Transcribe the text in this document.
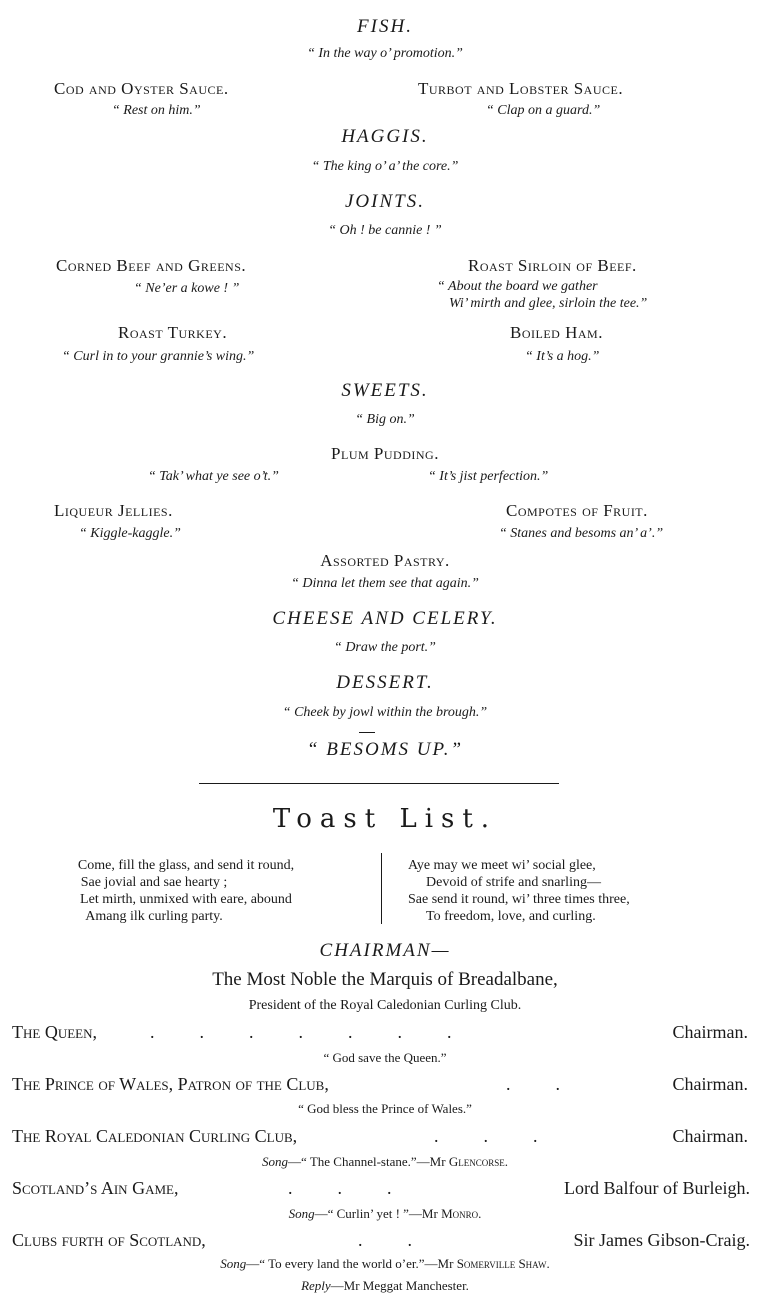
FISH.
“ In the way o’ promotion.”
Cod and Oyster Sauce.
“ Rest on him.”
Turbot and Lobster Sauce.
“ Clap on a guard.”
HAGGIS.
“ The king o’ a’ the core.”
JOINTS.
“ Oh ! be cannie ! ”
Corned Beef and Greens.
“ Ne’er a kowe ! ”
Roast Sirloin of Beef.
“ About the board we gather
Wi’ mirth and glee, sirloin the tee.”
Roast Turkey.
“ Curl in to your grannie’s wing.”
Boiled Ham.
“ It’s a hog.”
SWEETS.
“ Big on.”
Plum Pudding.
“ Tak’ what ye see o’t.”	“ It’s jist perfection.”
Liqueur Jellies.
“ Kiggle-kaggle.”
Compotes of Fruit.
“ Stanes and besoms an’ a’.”
Assorted Pastry.
“ Dinna let them see that again.”
CHEESE AND CELERY.
“ Draw the port.”
DESSERT.
“ Cheek by jowl within the brough.”
“ BESOMS UP.”
Toast List.
Come, fill the glass, and send it round,
Sae jovial and sae hearty ;
Let mirth, unmixed with eare, abound
Amang ilk curling party.
Aye may we meet wi’ social glee,
Devoid of strife and snarling—
Sae send it round, wi’ three times three,
To freedom, love, and curling.
CHAIRMAN—
The Most Noble the Marquis of Breadalbane,
President of the Royal Caledonian Curling Club.
The Queen,	.          .          .          .          .          .          .	Chairman.
“ God save the Queen.”
The Prince of Wales, Patron of the Club,	.          .	Chairman.
“ God bless the Prince of Wales.”
The Royal Caledonian Curling Club,	.          .          .	Chairman.
Song—“ The Channel-stane.”—Mr Glencorse.
Scotland’s Ain Game,	.          .          .	Lord Balfour of Burleigh.
Song—“ Curlin’ yet ! ”—Mr Monro.
Clubs furth of Scotland,	.          .	Sir James Gibson-Craig.
Song—“ To every land the world o’er.”—Mr Somerville Shaw.
Reply—Mr Meggat Manchester.
